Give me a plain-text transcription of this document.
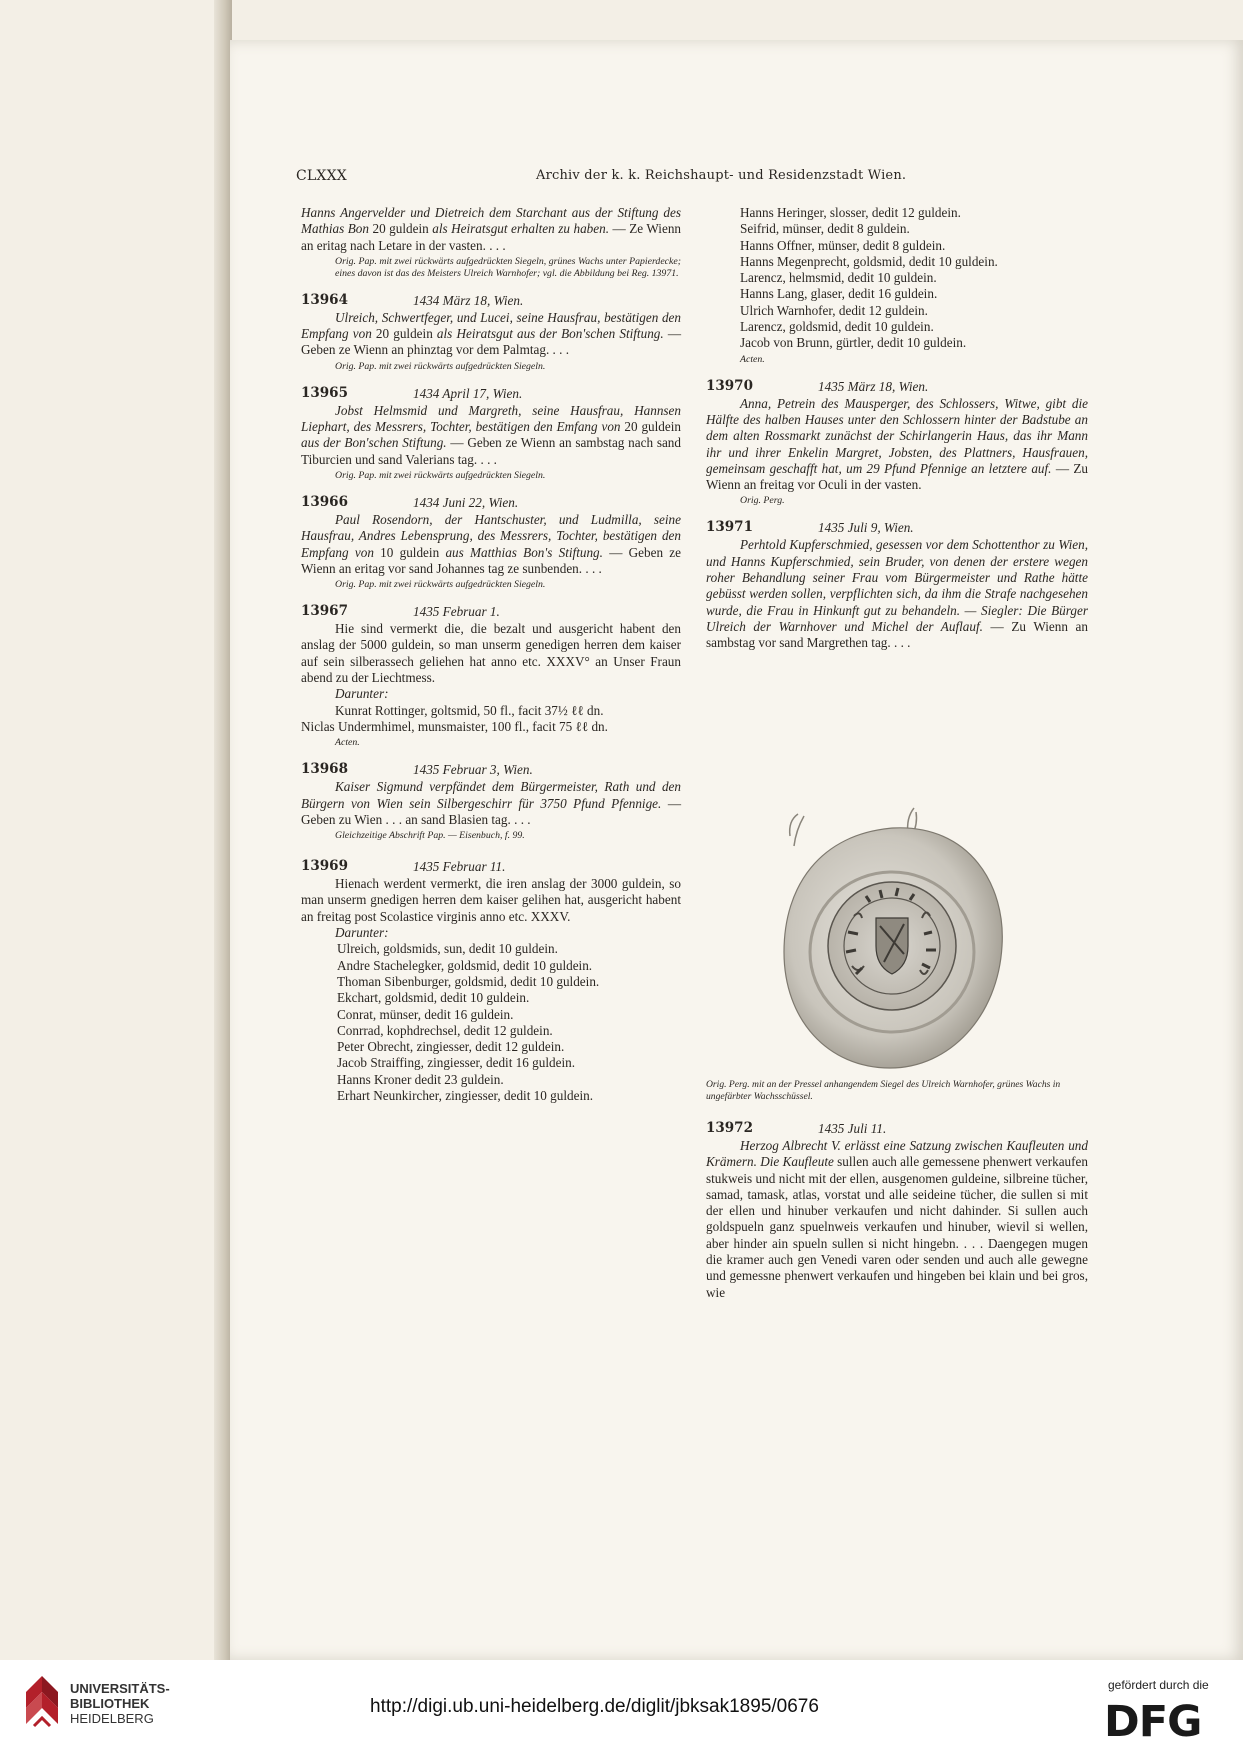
CLXXX	Archiv der k. k. Reichshaupt- und Residenzstadt Wien.

Hanns Angervelder und Dietreich dem Starchant aus der Stiftung des Mathias Bon 20 guldein als Heiratsgut erhalten zu haben. — Ze Wienn an eritag nach Letare in der vasten. . . .

Orig. Pap. mit zwei rückwärts aufgedrückten Siegeln, grünes Wachs unter Papierdecke; eines davon ist das des Meisters Ulreich Warnhofer; vgl. die Abbildung bei Reg. 13971.

13964	1434 März 18, Wien.

Ulreich, Schwertfeger, und Lucei, seine Hausfrau, bestätigen den Empfang von 20 guldein als Heiratsgut aus der Bon'schen Stiftung. — Geben ze Wienn an phinztag vor dem Palmtag. . . .

Orig. Pap. mit zwei rückwärts aufgedrückten Siegeln.

13965	1434 April 17, Wien.

Jobst Helmsmid und Margreth, seine Hausfrau, Hannsen Liephart, des Messrers, Tochter, bestätigen den Emfang von 20 guldein aus der Bon'schen Stiftung. — Geben ze Wienn an sambstag nach sand Tiburcien und sand Valerians tag. . . .

Orig. Pap. mit zwei rückwärts aufgedrückten Siegeln.

13966	1434 Juni 22, Wien.

Paul Rosendorn, der Hantschuster, und Ludmilla, seine Hausfrau, Andres Lebensprung, des Messrers, Tochter, bestätigen den Empfang von 10 guldein aus Matthias Bon's Stiftung. — Geben ze Wienn an eritag vor sand Johannes tag ze sunbenden. . . .

Orig. Pap. mit zwei rückwärts aufgedrückten Siegeln.

13967	1435 Februar 1.

Hie sind vermerkt die, die bezalt und ausgericht habent den anslag der 5000 guldein, so man unserm genedigen herren dem kaiser auf sein silberassech geliehen hat anno etc. XXXV° an Unser Fraun abend zu der Liechtmess.

Darunter:

Kunrat Rottinger, goltsmid, 50 fl., facit 37½ ℓℓ dn.

Niclas Undermhimel, munsmaister, 100 fl., facit 75 ℓℓ dn.

Acten.

13968	1435 Februar 3, Wien.

Kaiser Sigmund verpfändet dem Bürgermeister, Rath und den Bürgern von Wien sein Silbergeschirr für 3750 Pfund Pfennige. — Geben zu Wien . . . an sand Blasien tag. . . .

Gleichzeitige Abschrift Pap. — Eisenbuch, f. 99.

13969	1435 Februar 11.

Hienach werdent vermerkt, die iren anslag der 3000 guldein, so man unserm gnedigen herren dem kaiser gelihen hat, ausgericht habent an freitag post Scolastice virginis anno etc. XXXV.

Darunter:

Ulreich, goldsmids, sun, dedit 10 guldein.
Andre Stachelegker, goldsmid, dedit 10 guldein.
Thoman Sibenburger, goldsmid, dedit 10 guldein.
Ekchart, goldsmid, dedit 10 guldein.
Conrat, münser, dedit 16 guldein.
Conrrad, kophdrechsel, dedit 12 guldein.
Peter Obrecht, zingiesser, dedit 12 guldein.
Jacob Straiffing, zingiesser, dedit 16 guldein.
Hanns Kroner dedit 23 guldein.
Erhart Neunkircher, zingiesser, dedit 10 guldein.
Hanns Heringer, slosser, dedit 12 guldein.
Seifrid, münser, dedit 8 guldein.
Hanns Offner, münser, dedit 8 guldein.
Hanns Megenprecht, goldsmid, dedit 10 guldein.
Larencz, helmsmid, dedit 10 guldein.
Hanns Lang, glaser, dedit 16 guldein.
Ulrich Warnhofer, dedit 12 guldein.
Larencz, goldsmid, dedit 10 guldein.
Jacob von Brunn, gürtler, dedit 10 guldein.

Acten.

13970	1435 März 18, Wien.

Anna, Petrein des Mausperger, des Schlossers, Witwe, gibt die Hälfte des halben Hauses unter den Schlossern hinter der Badstube an dem alten Rossmarkt zunächst der Schirlangerin Haus, das ihr Mann ihr und ihrer Enkelin Margret, Jobsten, des Plattners, Hausfrauen, gemeinsam geschafft hat, um 29 Pfund Pfennige an letztere auf. — Zu Wienn an freitag vor Oculi in der vasten.

Orig. Perg.

13971	1435 Juli 9, Wien.

Perhtold Kupferschmied, gesessen vor dem Schottenthor zu Wien, und Hanns Kupferschmied, sein Bruder, von denen der erstere wegen roher Behandlung seiner Frau vom Bürgermeister und Rathe hätte gebüsst werden sollen, verpflichten sich, da ihm die Strafe nachgesehen wurde, die Frau in Hinkunft gut zu behandeln. — Siegler: Die Bürger Ulreich der Warnhover und Michel der Auflauf. — Zu Wienn an sambstag vor sand Margrethen tag. . . .

Orig. Perg. mit an der Pressel anhangendem Siegel des Ulreich Warnhofer, grünes Wachs in ungefärbter Wachsschüssel.
13972	1435 Juli 11.

Herzog Albrecht V. erlässt eine Satzung zwischen Kaufleuten und Krämern. Die Kaufleute sullen auch alle gemessene phenwert verkaufen stukweis und nicht mit der ellen, ausgenomen guldeine, silbreine tücher, samad, tamask, atlas, vorstat und alle seideine tücher, die sullen si mit der ellen und hinuber verkaufen und nicht dahinder. Si sullen auch goldspueln ganz spuelnweis verkaufen und hinuber, wievil si wellen, aber hinder ain spueln sullen si nicht hingebn. . . . Daengegen mugen die kramer auch gen Venedi varen oder senden und auch alle gewegne und gemessne phenwert verkaufen und hingeben bei klain und bei gros, wie

UNIVERSITÄTS-
BIBLIOTHEK
HEIDELBERG
http://digi.ub.uni-heidelberg.de/diglit/jbksak1895/0676
gefördert durch die
DFG
